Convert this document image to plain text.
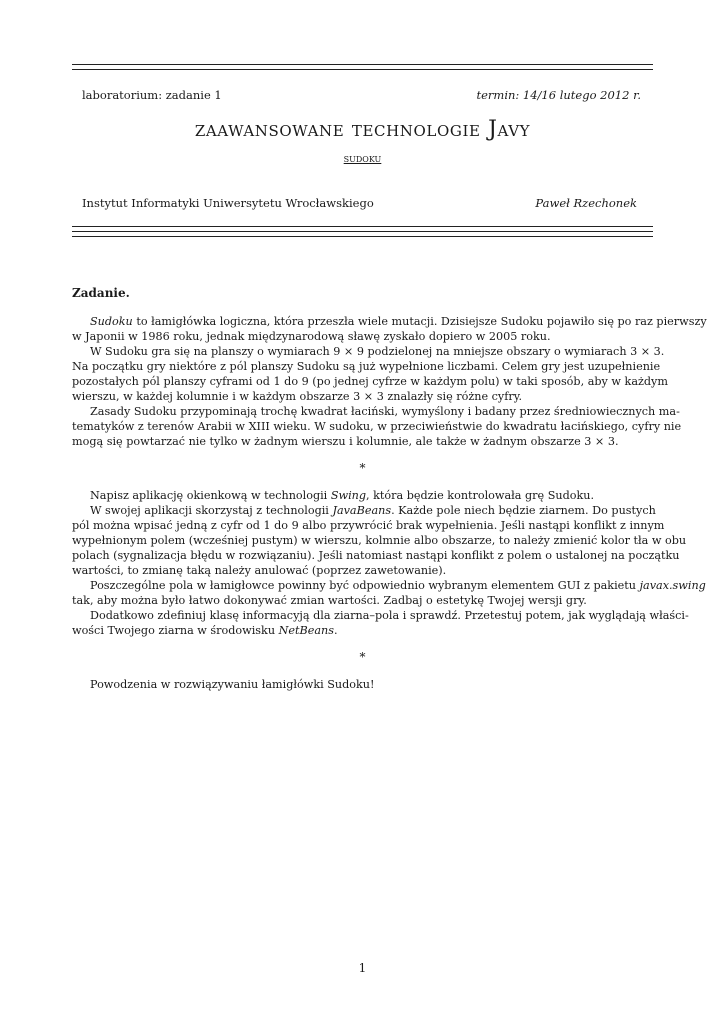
laboratorium: zadanie 1	termin: 14/16 lutego 2012 r.
zaawansowane technologie Javy
sudoku
Instytut Informatyki Uniwersytetu Wrocławskiego	Paweł Rzechonek
Zadanie.
Sudoku to łamigłówka logiczna, która przeszła wiele mutacji. Dzisiejsze Sudoku pojawiło się po raz pierwszy
w Japonii w 1986 roku, jednak międzynarodową sławę zyskało dopiero w 2005 roku.
W Sudoku gra się na planszy o wymiarach 9 × 9 podzielonej na mniejsze obszary o wymiarach 3 × 3.
Na początku gry niektóre z pól planszy Sudoku są już wypełnione liczbami. Celem gry jest uzupełnienie
pozostałych pól planszy cyframi od 1 do 9 (po jednej cyfrze w każdym polu) w taki sposób, aby w każdym
wierszu, w każdej kolumnie i w każdym obszarze 3 × 3 znalazły się różne cyfry.
Zasady Sudoku przypominają trochę kwadrat łaciński, wymyślony i badany przez średniowiecznych ma-
tematyków z terenów Arabii w XIII wieku. W sudoku, w przeciwieństwie do kwadratu łacińskiego, cyfry nie
mogą się powtarzać nie tylko w żadnym wierszu i kolumnie, ale także w żadnym obszarze 3 × 3.
*
Napisz aplikację okienkową w technologii Swing, która będzie kontrolowała grę Sudoku.
W swojej aplikacji skorzystaj z technologii JavaBeans. Każde pole niech będzie ziarnem. Do pustych
pól można wpisać jedną z cyfr od 1 do 9 albo przywrócić brak wypełnienia. Jeśli nastąpi konflikt z innym
wypełnionym polem (wcześniej pustym) w wierszu, kolmnie albo obszarze, to należy zmienić kolor tła w obu
polach (sygnalizacja błędu w rozwiązaniu). Jeśli natomiast nastąpi konflikt z polem o ustalonej na początku
wartości, to zmianę taką należy anulować (poprzez zawetowanie).
Poszczególne pola w łamigłowce powinny być odpowiednio wybranym elementem GUI z pakietu javax.swing
tak, aby można było łatwo dokonywać zmian wartości. Zadbaj o estetykę Twojej wersji gry.
Dodatkowo zdefiniuj klasę informacyją dla ziarna–pola i sprawdź. Przetestuj potem, jak wyglądają właści-
wości Twojego ziarna w środowisku NetBeans.
*
Powodzenia w rozwiązywaniu łamigłówki Sudoku!
1
